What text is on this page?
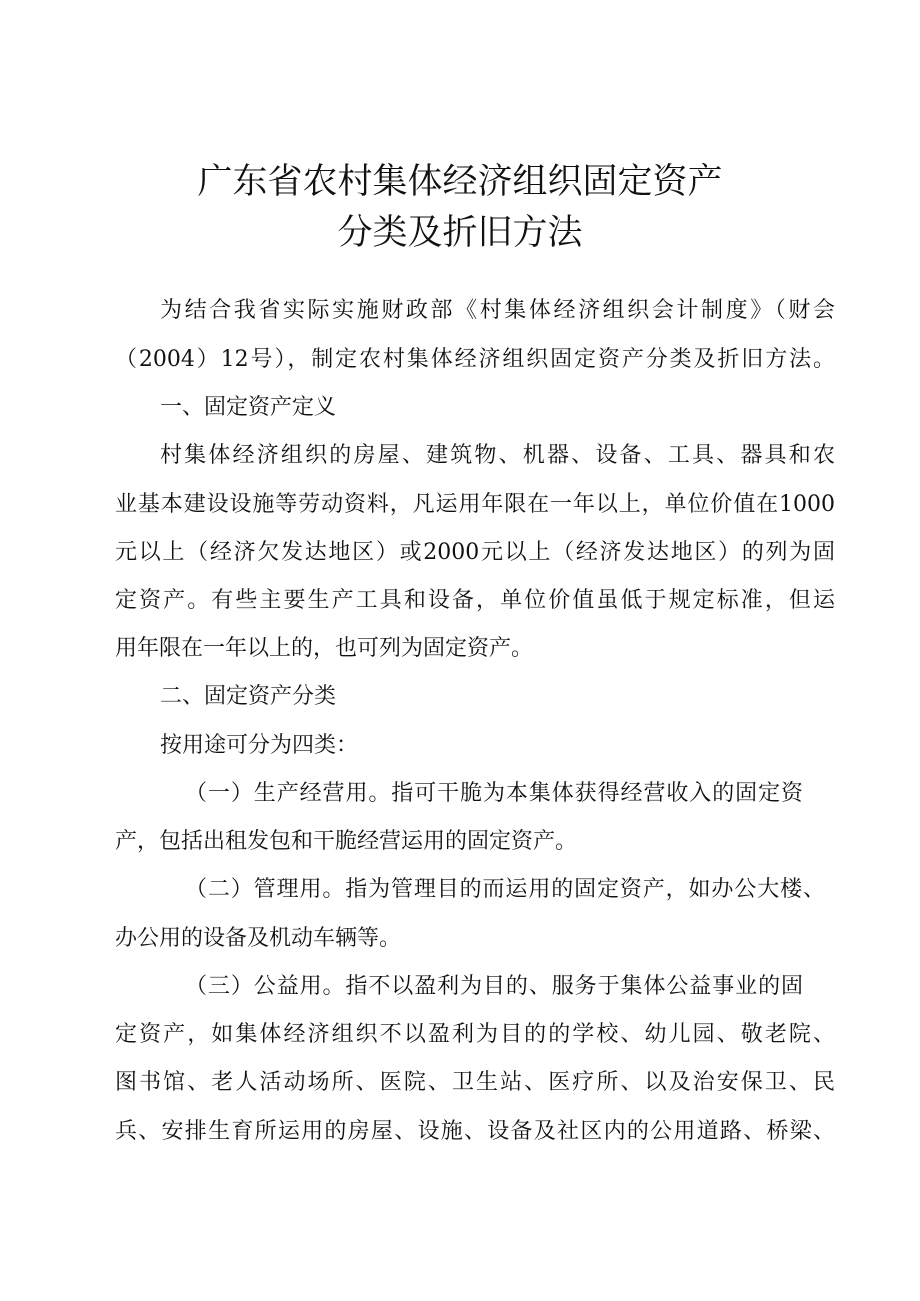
广东省农村集体经济组织固定资产
分类及折旧方法
为结合我省实际实施财政部《村集体经济组织会计制度》（财会
（2004）12号），制定农村集体经济组织固定资产分类及折旧方法。
一、固定资产定义
村集体经济组织的房屋、建筑物、机器、设备、工具、器具和农
业基本建设设施等劳动资料，凡运用年限在一年以上，单位价值在1000
元以上（经济欠发达地区）或2000元以上（经济发达地区）的列为固
定资产。有些主要生产工具和设备，单位价值虽低于规定标准，但运
用年限在一年以上的，也可列为固定资产。
二、固定资产分类
按用途可分为四类：
（一）生产经营用。指可干脆为本集体获得经营收入的固定资
产，包括出租发包和干脆经营运用的固定资产。
（二）管理用。指为管理目的而运用的固定资产，如办公大楼、
办公用的设备及机动车辆等。
（三）公益用。指不以盈利为目的、服务于集体公益事业的固
定资产，如集体经济组织不以盈利为目的的学校、幼儿园、敬老院、
图书馆、老人活动场所、医院、卫生站、医疗所、以及治安保卫、民
兵、安排生育所运用的房屋、设施、设备及社区内的公用道路、桥梁、
